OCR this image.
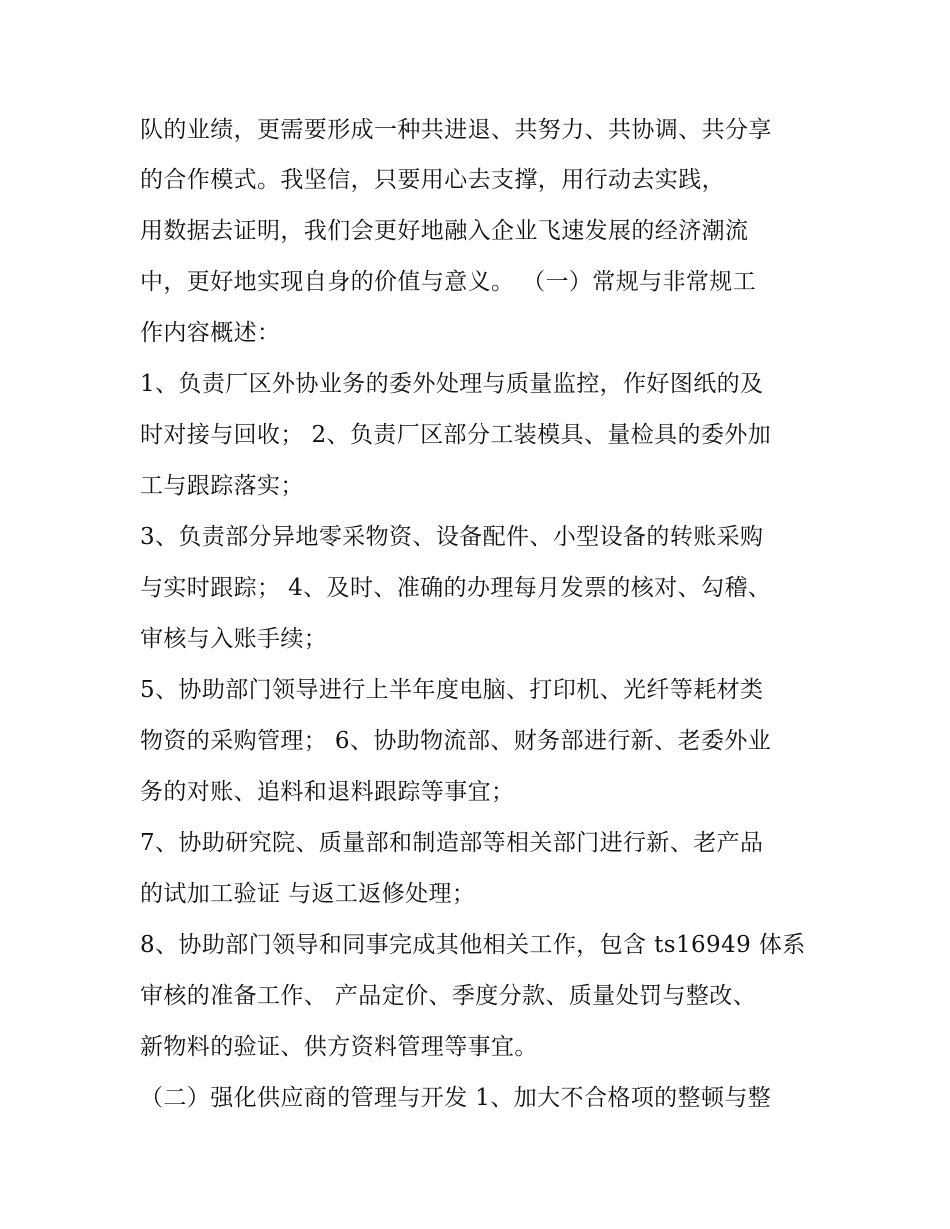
队的业绩，更需要形成一种共进退、共努力、共协调、共分享

的合作模式。我坚信，只要用心去支撑，用行动去实践，

用数据去证明，我们会更好地融入企业飞速发展的经济潮流

中，更好地实现自身的价值与意义。 （一）常规与非常规工

作内容概述：

1、负责厂区外协业务的委外处理与质量监控，作好图纸的及

时对接与回收； 2、负责厂区部分工装模具、量检具的委外加

工与跟踪落实；

3、负责部分异地零采物资、设备配件、小型设备的转账采购

与实时跟踪； 4、及时、准确的办理每月发票的核对、勾稽、

审核与入账手续；

5、协助部门领导进行上半年度电脑、打印机、光纤等耗材类

物资的采购管理； 6、协助物流部、财务部进行新、老委外业

务的对账、追料和退料跟踪等事宜；

7、协助研究院、质量部和制造部等相关部门进行新、老产品

的试加工验证 与返工返修处理；

8、协助部门领导和同事完成其他相关工作，包含 ts16949 体系

审核的准备工作、 产品定价、季度分款、质量处罚与整改、

新物料的验证、供方资料管理等事宜。

（二）强化供应商的管理与开发 1、加大不合格项的整顿与整
